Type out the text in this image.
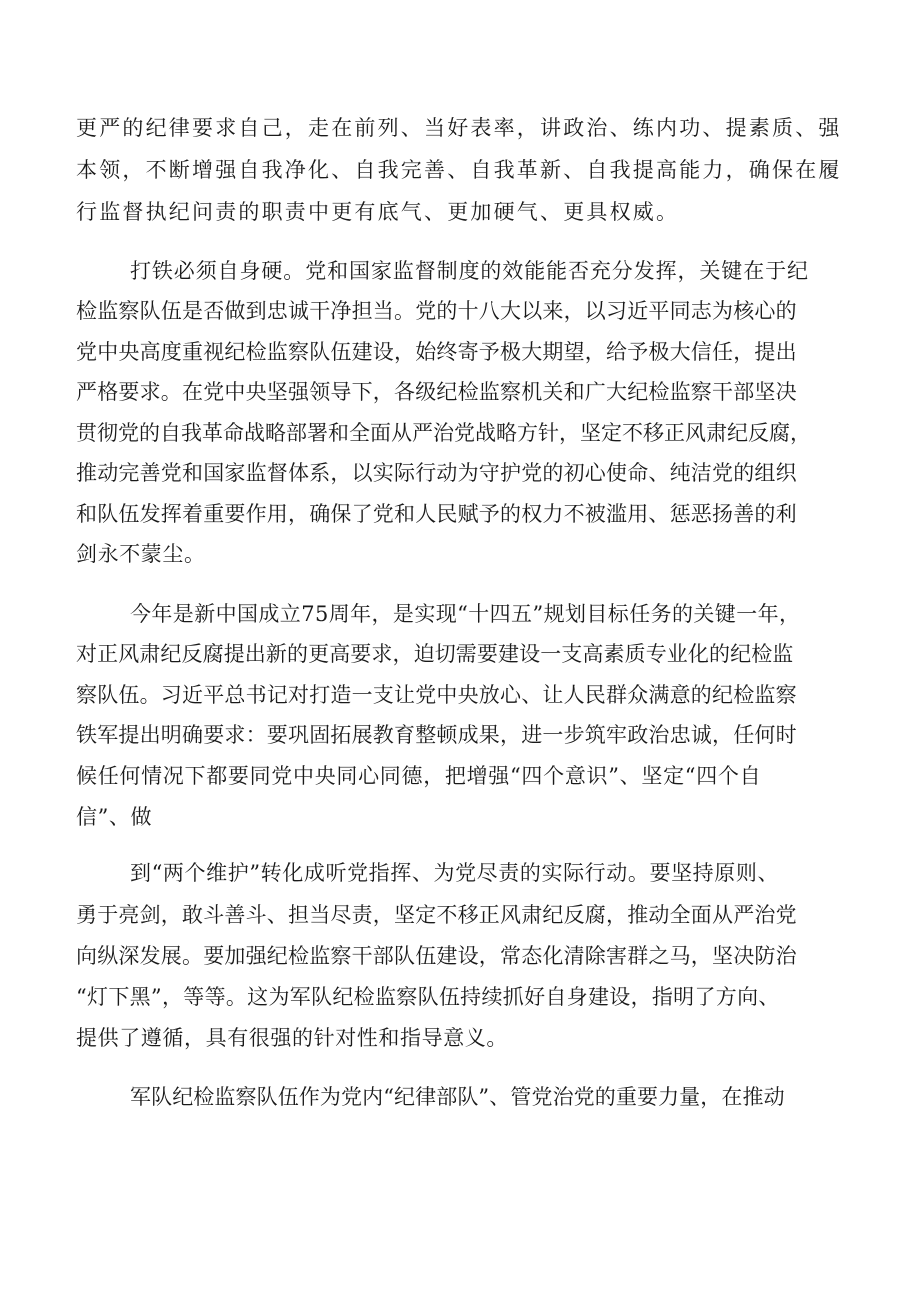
更严的纪律要求自己，走在前列、当好表率，讲政治、练内功、提素质、强
本领，不断增强自我净化、自我完善、自我革新、自我提高能力，确保在履
行监督执纪问责的职责中更有底气、更加硬气、更具权威。
打铁必须自身硬。党和国家监督制度的效能能否充分发挥，关键在于纪
检监察队伍是否做到忠诚干净担当。党的十八大以来，以习近平同志为核心的
党中央高度重视纪检监察队伍建设，始终寄予极大期望，给予极大信任，提出
严格要求。在党中央坚强领导下，各级纪检监察机关和广大纪检监察干部坚决
贯彻党的自我革命战略部署和全面从严治党战略方针，坚定不移正风肃纪反腐，
推动完善党和国家监督体系，以实际行动为守护党的初心使命、纯洁党的组织
和队伍发挥着重要作用，确保了党和人民赋予的权力不被滥用、惩恶扬善的利
剑永不蒙尘。
今年是新中国成立75周年，是实现“十四五”规划目标任务的关键一年，
对正风肃纪反腐提出新的更高要求，迫切需要建设一支高素质专业化的纪检监
察队伍。习近平总书记对打造一支让党中央放心、让人民群众满意的纪检监察
铁军提出明确要求：要巩固拓展教育整顿成果，进一步筑牢政治忠诚，任何时
候任何情况下都要同党中央同心同德，把增强“四个意识”、坚定“四个自
信”、做
到“两个维护”转化成听党指挥、为党尽责的实际行动。要坚持原则、
勇于亮剑，敢斗善斗、担当尽责，坚定不移正风肃纪反腐，推动全面从严治党
向纵深发展。要加强纪检监察干部队伍建设，常态化清除害群之马，坚决防治
“灯下黑”，等等。这为军队纪检监察队伍持续抓好自身建设，指明了方向、
提供了遵循，具有很强的针对性和指导意义。
军队纪检监察队伍作为党内“纪律部队”、管党治党的重要力量，在推动
